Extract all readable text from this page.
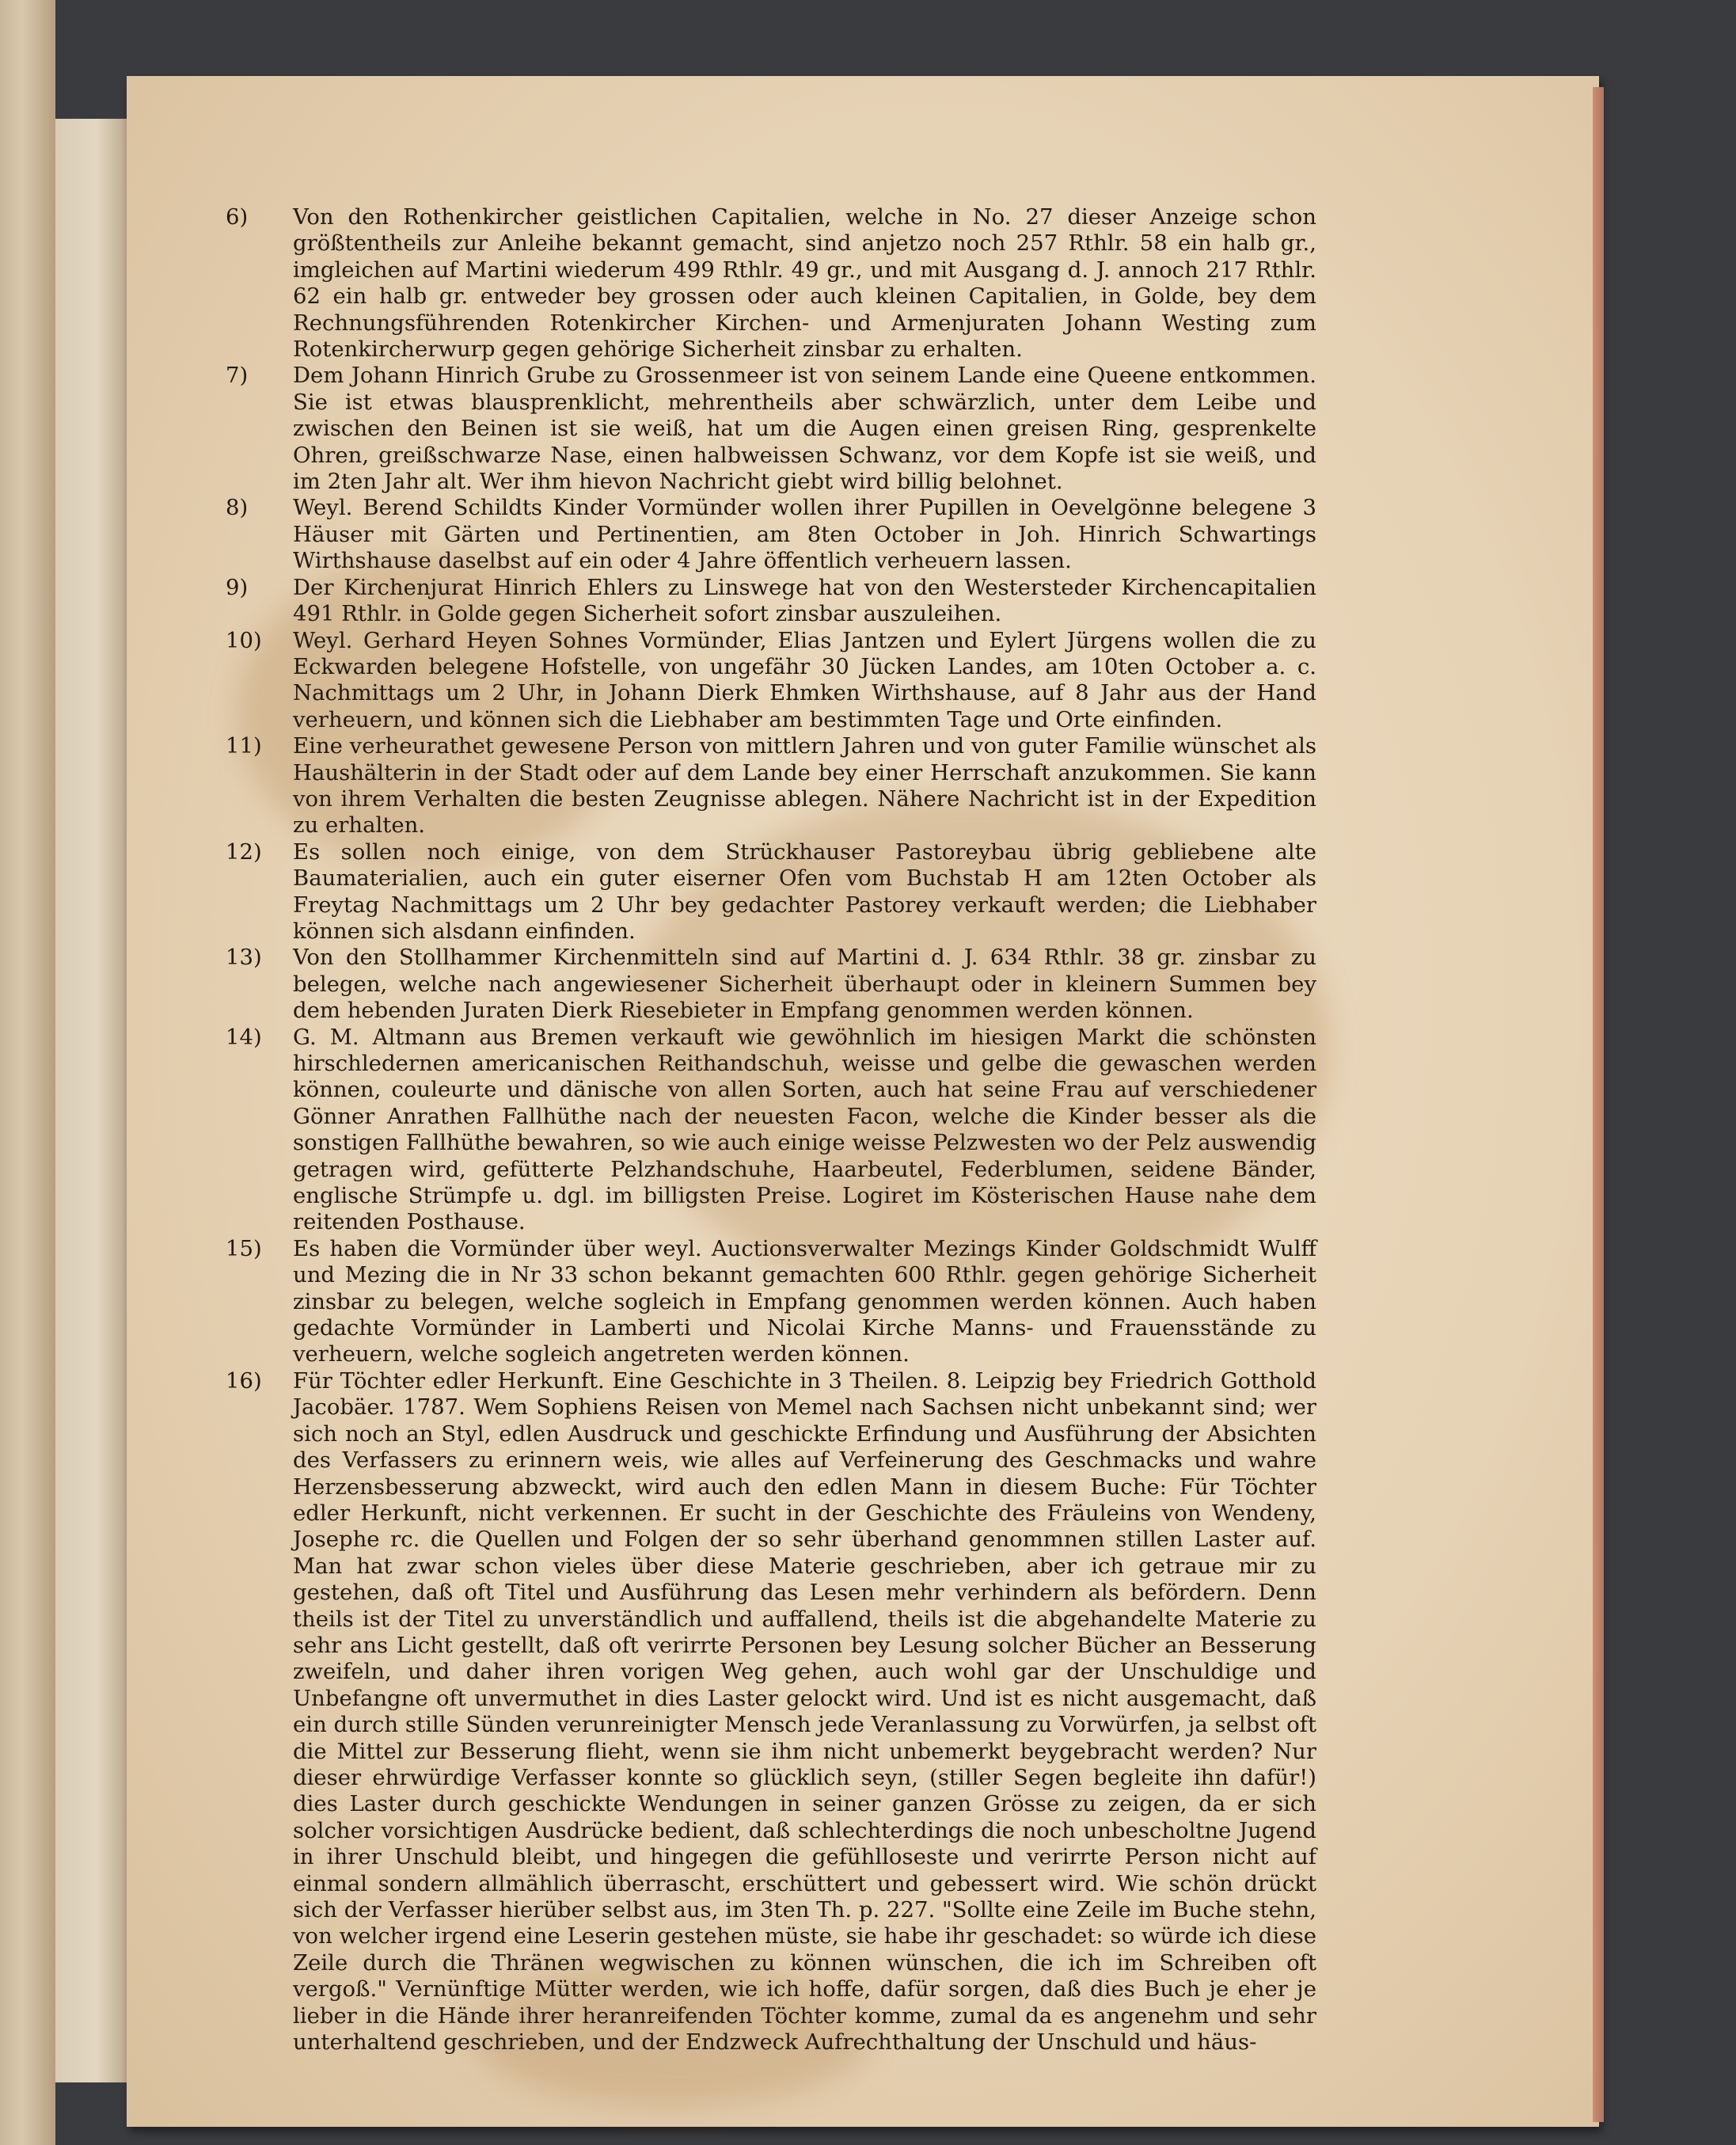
6)	Von den Rothenkircher geistlichen Capitalien, welche in No. 27 dieser Anzeige schon größtentheils zur Anleihe bekannt gemacht, sind anjetzo noch 257 Rthlr. 58 ein halb gr., imgleichen auf Martini wiederum 499 Rthlr. 49 gr., und mit Ausgang d. J. annoch 217 Rthlr. 62 ein halb gr. entweder bey grossen oder auch kleinen Capitalien, in Golde, bey dem Rechnungsführenden Rotenkircher Kirchen- und Armenjuraten Johann Westing zum Rotenkircherwurp gegen gehörige Sicherheit zinsbar zu erhalten.
7)	Dem Johann Hinrich Grube zu Grossenmeer ist von seinem Lande eine Queene entkommen. Sie ist etwas blausprenklicht, mehrentheils aber schwärzlich, unter dem Leibe und zwischen den Beinen ist sie weiß, hat um die Augen einen greisen Ring, gesprenkelte Ohren, greißschwarze Nase, einen halbweissen Schwanz, vor dem Kopfe ist sie weiß, und im 2ten Jahr alt. Wer ihm hievon Nachricht giebt wird billig belohnet.
8)	Weyl. Berend Schildts Kinder Vormünder wollen ihrer Pupillen in Oevelgönne belegene 3 Häuser mit Gärten und Pertinentien, am 8ten October in Joh. Hinrich Schwartings Wirthshause daselbst auf ein oder 4 Jahre öffentlich verheuern lassen.
9)	Der Kirchenjurat Hinrich Ehlers zu Linswege hat von den Westersteder Kirchencapitalien 491 Rthlr. in Golde gegen Sicherheit sofort zinsbar auszuleihen.
10)	Weyl. Gerhard Heyen Sohnes Vormünder, Elias Jantzen und Eylert Jürgens wollen die zu Eckwarden belegene Hofstelle, von ungefähr 30 Jücken Landes, am 10ten October a. c. Nachmittags um 2 Uhr, in Johann Dierk Ehmken Wirthshause, auf 8 Jahr aus der Hand verheuern, und können sich die Liebhaber am bestimmten Tage und Orte einfinden.
11)	Eine verheurathet gewesene Person von mittlern Jahren und von guter Familie wünschet als Haushälterin in der Stadt oder auf dem Lande bey einer Herrschaft anzukommen. Sie kann von ihrem Verhalten die besten Zeugnisse ablegen. Nähere Nachricht ist in der Expedition zu erhalten.
12)	Es sollen noch einige, von dem Strückhauser Pastoreybau übrig gebliebene alte Baumaterialien, auch ein guter eiserner Ofen vom Buchstab H am 12ten October als Freytag Nachmittags um 2 Uhr bey gedachter Pastorey verkauft werden; die Liebhaber können sich alsdann einfinden.
13)	Von den Stollhammer Kirchenmitteln sind auf Martini d. J. 634 Rthlr. 38 gr. zinsbar zu belegen, welche nach angewiesener Sicherheit überhaupt oder in kleinern Summen bey dem hebenden Juraten Dierk Riesebieter in Empfang genommen werden können.
14)	G. M. Altmann aus Bremen verkauft wie gewöhnlich im hiesigen Markt die schönsten hirschledernen americanischen Reithandschuh, weisse und gelbe die gewaschen werden können, couleurte und dänische von allen Sorten, auch hat seine Frau auf verschiedener Gönner Anrathen Fallhüthe nach der neuesten Facon, welche die Kinder besser als die sonstigen Fallhüthe bewahren, so wie auch einige weisse Pelzwesten wo der Pelz auswendig getragen wird, gefütterte Pelzhandschuhe, Haarbeutel, Federblumen, seidene Bänder, englische Strümpfe u. dgl. im billigsten Preise. Logiret im Kösterischen Hause nahe dem reitenden Posthause.
15)	Es haben die Vormünder über weyl. Auctionsverwalter Mezings Kinder Goldschmidt Wulff und Mezing die in Nr 33 schon bekannt gemachten 600 Rthlr. gegen gehörige Sicherheit zinsbar zu belegen, welche sogleich in Empfang genommen werden können. Auch haben gedachte Vormünder in Lamberti und Nicolai Kirche Manns- und Frauensstände zu verheuern, welche sogleich angetreten werden können.
16)	Für Töchter edler Herkunft. Eine Geschichte in 3 Theilen. 8. Leipzig bey Friedrich Gotthold Jacobäer. 1787. Wem Sophiens Reisen von Memel nach Sachsen nicht unbekannt sind; wer sich noch an Styl, edlen Ausdruck und geschickte Erfindung und Ausführung der Absichten des Verfassers zu erinnern weis, wie alles auf Verfeinerung des Geschmacks und wahre Herzensbesserung abzweckt, wird auch den edlen Mann in diesem Buche: Für Töchter edler Herkunft, nicht verkennen. Er sucht in der Geschichte des Fräuleins von Wendeny, Josephe rc. die Quellen und Folgen der so sehr überhand genommnen stillen Laster auf. Man hat zwar schon vieles über diese Materie geschrieben, aber ich getraue mir zu gestehen, daß oft Titel und Ausführung das Lesen mehr verhindern als befördern. Denn theils ist der Titel zu unverständlich und auffallend, theils ist die abgehandelte Materie zu sehr ans Licht gestellt, daß oft verirrte Personen bey Lesung solcher Bücher an Besserung zweifeln, und daher ihren vorigen Weg gehen, auch wohl gar der Unschuldige und Unbefangne oft unvermuthet in dies Laster gelockt wird. Und ist es nicht ausgemacht, daß ein durch stille Sünden verunreinigter Mensch jede Veranlassung zu Vorwürfen, ja selbst oft die Mittel zur Besserung flieht, wenn sie ihm nicht unbemerkt beygebracht werden? Nur dieser ehrwürdige Verfasser konnte so glücklich seyn, (stiller Segen begleite ihn dafür!) dies Laster durch geschickte Wendungen in seiner ganzen Grösse zu zeigen, da er sich solcher vorsichtigen Ausdrücke bedient, daß schlechterdings die noch unbescholtne Jugend in ihrer Unschuld bleibt, und hingegen die gefühlloseste und verirrte Person nicht auf einmal sondern allmählich überrascht, erschüttert und gebessert wird. Wie schön drückt sich der Verfasser hierüber selbst aus, im 3ten Th. p. 227. "Sollte eine Zeile im Buche stehn, von welcher irgend eine Leserin gestehen müste, sie habe ihr geschadet: so würde ich diese Zeile durch die Thränen wegwischen zu können wünschen, die ich im Schreiben oft vergoß." Vernünftige Mütter werden, wie ich hoffe, dafür sorgen, daß dies Buch je eher je lieber in die Hände ihrer heranreifenden Töchter komme, zumal da es angenehm und sehr unterhaltend geschrieben, und der Endzweck Aufrechthaltung der Unschuld und häus-
